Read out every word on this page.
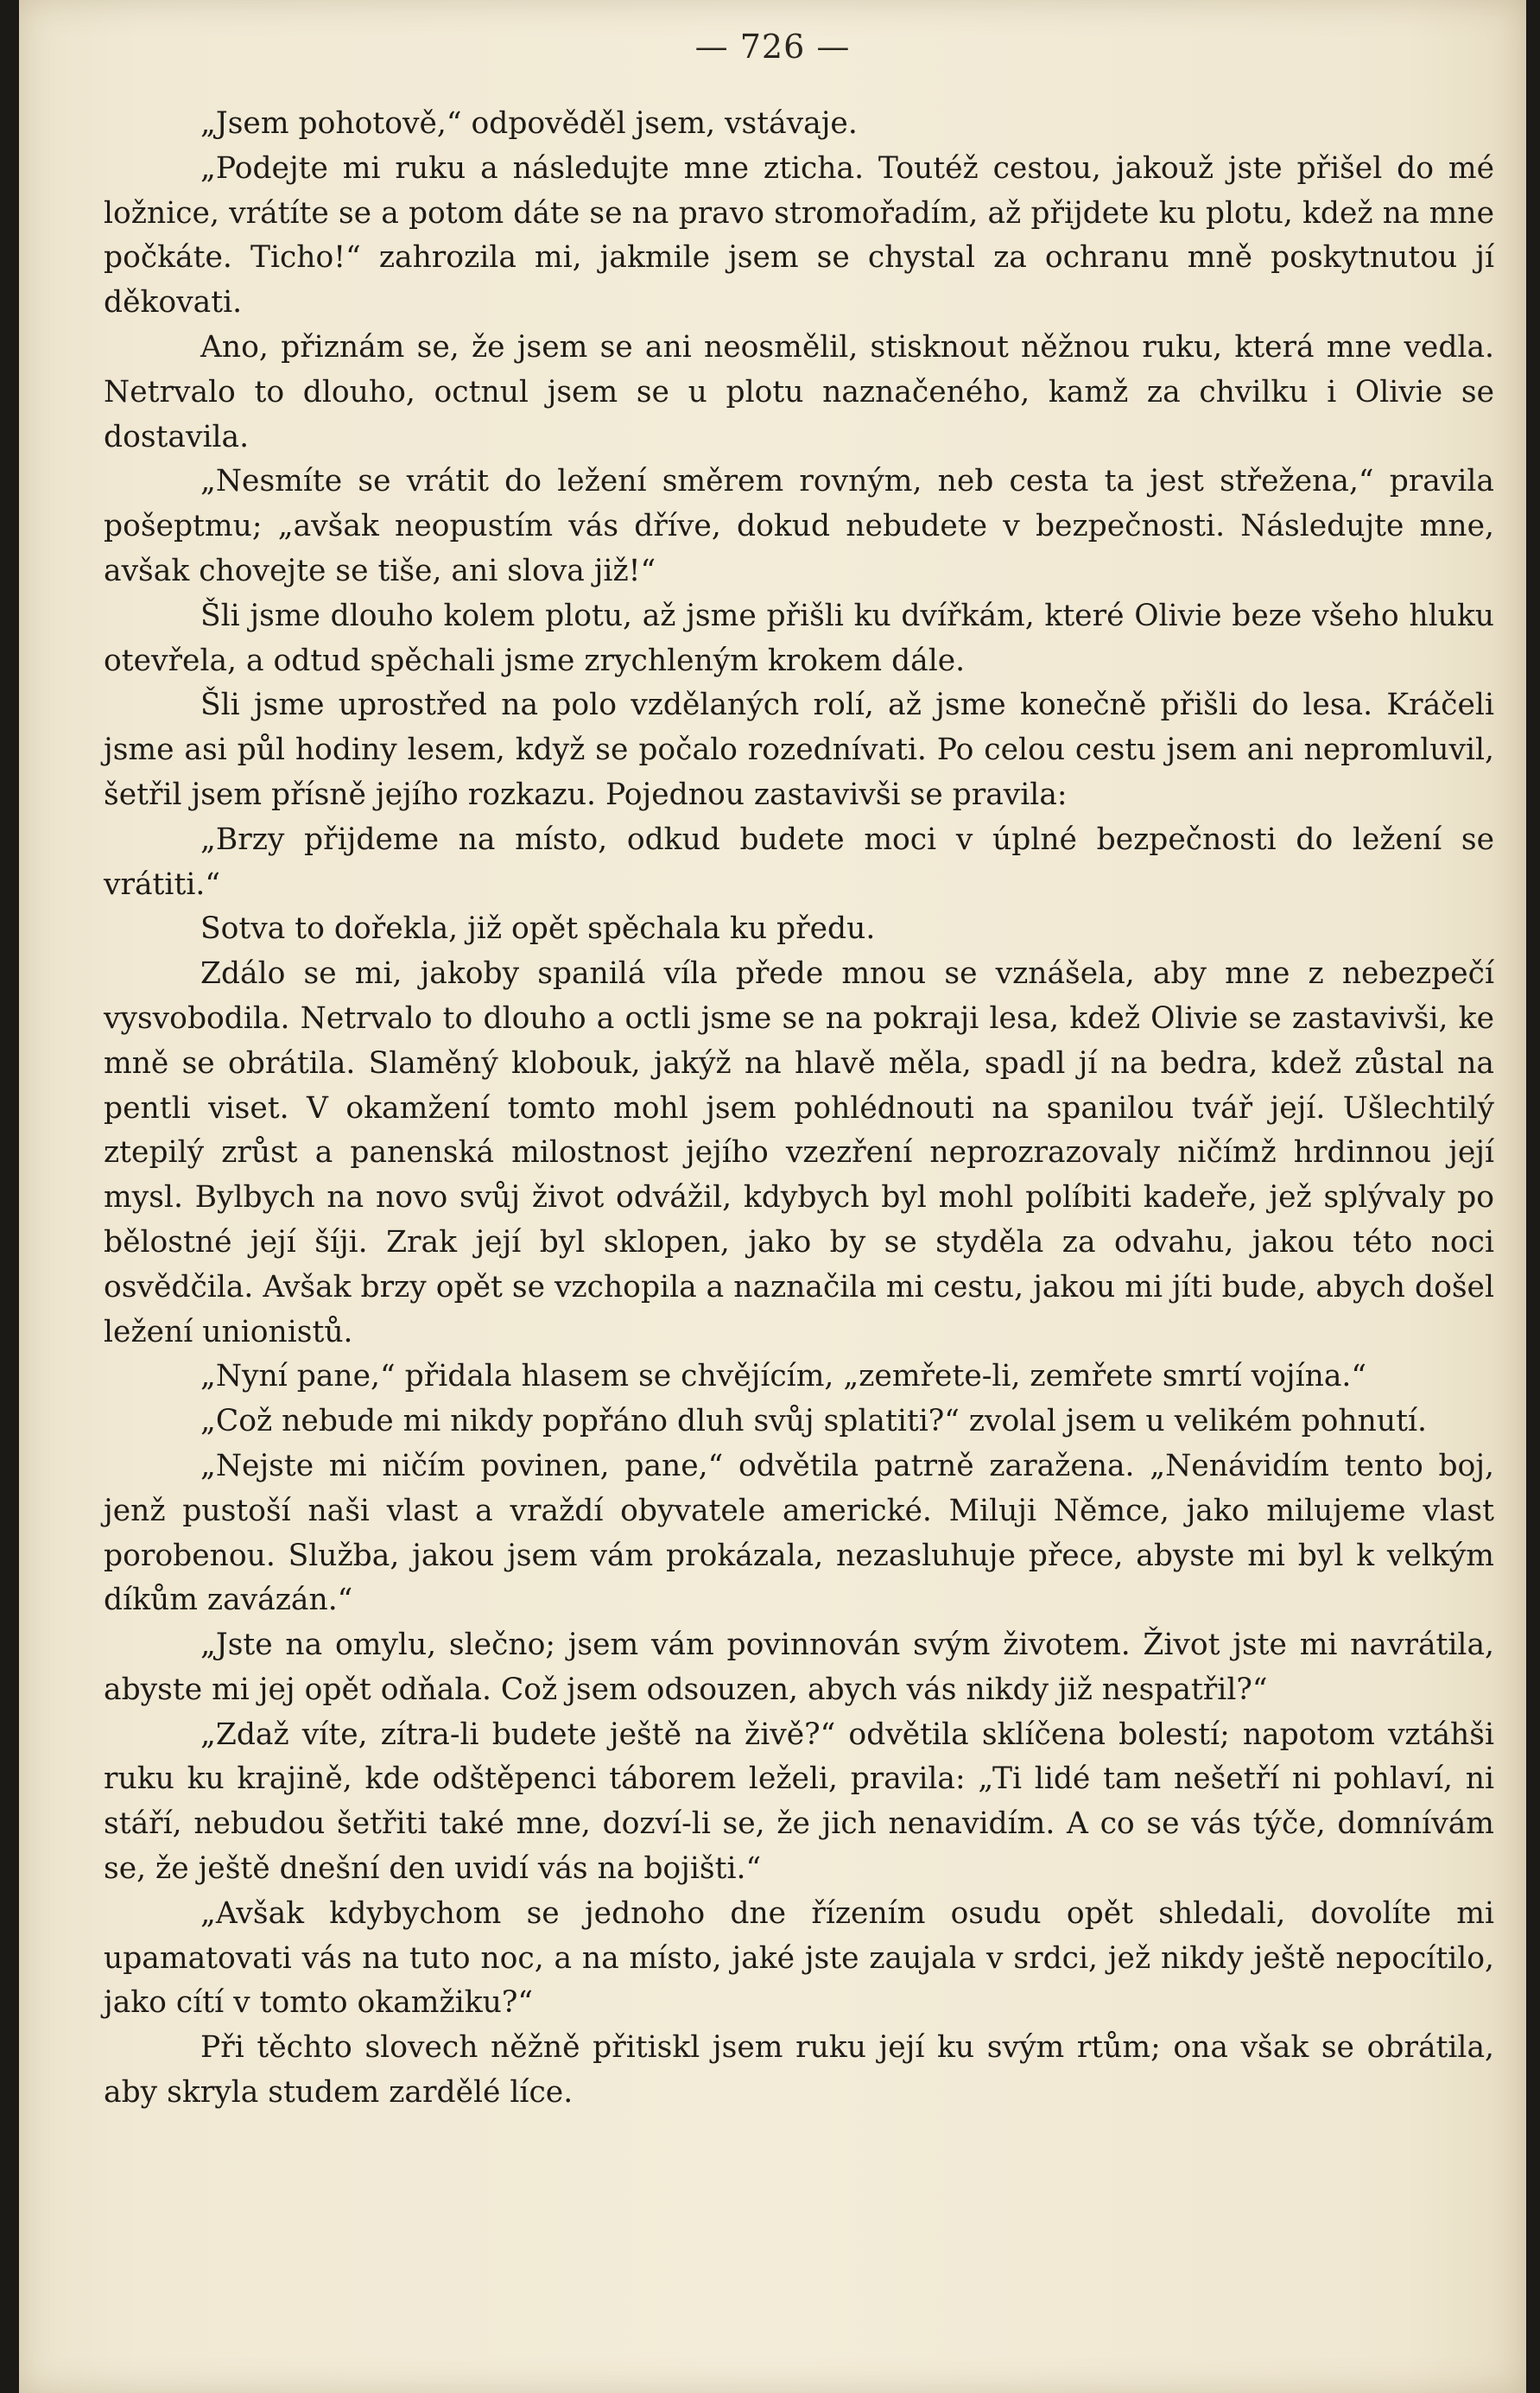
— 726 —

„Jsem pohotově,“ odpověděl jsem, vstávaje.

„Podejte mi ruku a následujte mne zticha. Toutéž cestou, jakouž jste přišel do mé ložnice, vrátíte se a potom dáte se na pravo stromořadím, až přijdete ku plotu, kdež na mne počkáte. Ticho!“ zahrozila mi, jakmile jsem se chystal za ochranu mně poskytnutou jí děkovati.

Ano, přiznám se, že jsem se ani neosmělil, stisknout něžnou ruku, která mne vedla. Netrvalo to dlouho, octnul jsem se u plotu naznačeného, kamž za chvilku i Olivie se dostavila.

„Nesmíte se vrátit do ležení směrem rovným, neb cesta ta jest střežena,“ pravila pošeptmu; „avšak neopustím vás dříve, dokud nebudete v bezpečnosti. Následujte mne, avšak chovejte se tiše, ani slova již!“

Šli jsme dlouho kolem plotu, až jsme přišli ku dvířkám, které Olivie beze všeho hluku otevřela, a odtud spěchali jsme zrychleným krokem dále.

Šli jsme uprostřed na polo vzdělaných rolí, až jsme konečně přišli do lesa. Kráčeli jsme asi půl hodiny lesem, když se počalo rozednívati. Po celou cestu jsem ani nepromluvil, šetřil jsem přísně jejího rozkazu. Pojednou zastavivši se pravila:

„Brzy přijdeme na místo, odkud budete moci v úplné bezpečnosti do ležení se vrátiti.“

Sotva to dořekla, již opět spěchala ku předu.

Zdálo se mi, jakoby spanilá víla přede mnou se vznášela, aby mne z nebezpečí vysvobodila. Netrvalo to dlouho a octli jsme se na pokraji lesa, kdež Olivie se zastavivši, ke mně se obrátila. Slaměný klobouk, jakýž na hlavě měla, spadl jí na bedra, kdež zůstal na pentli viset. V okamžení tomto mohl jsem pohlédnouti na spanilou tvář její. Ušlechtilý ztepilý zrůst a panenská milostnost jejího vzezření neprozrazovaly ničímž hrdinnou její mysl. Bylbych na novo svůj život odvážil, kdybych byl mohl políbiti kadeře, jež splývaly po bělostné její šíji. Zrak její byl sklopen, jako by se styděla za odvahu, jakou této noci osvědčila. Avšak brzy opět se vzchopila a naznačila mi cestu, jakou mi jíti bude, abych došel ležení unionistů.

„Nyní pane,“ přidala hlasem se chvějícím, „zemřete-li, zemřete smrtí vojína.“

„Což nebude mi nikdy popřáno dluh svůj splatiti?“ zvolal jsem u velikém pohnutí.

„Nejste mi ničím povinen, pane,“ odvětila patrně zaražena. „Nenávidím tento boj, jenž pustoší naši vlast a vraždí obyvatele americké. Miluji Němce, jako milujeme vlast porobenou. Služba, jakou jsem vám prokázala, nezasluhuje přece, abyste mi byl k velkým díkům zavázán.“

„Jste na omylu, slečno; jsem vám povinnován svým životem. Život jste mi navrátila, abyste mi jej opět odňala. Což jsem odsouzen, abych vás nikdy již nespatřil?“

„Zdaž víte, zítra-li budete ještě na živě?“ odvětila sklíčena bolestí; napotom vztáhši ruku ku krajině, kde odštěpenci táborem leželi, pravila: „Ti lidé tam nešetří ni pohlaví, ni stáří, nebudou šetřiti také mne, dozví-li se, že jich nenavidím. A co se vás týče, domnívám se, že ještě dnešní den uvidí vás na bojišti.“

„Avšak kdybychom se jednoho dne řízením osudu opět shledali, dovolíte mi upamatovati vás na tuto noc, a na místo, jaké jste zaujala v srdci, jež nikdy ještě nepocítilo, jako cítí v tomto okamžiku?“

Při těchto slovech něžně přitiskl jsem ruku její ku svým rtům; ona však se obrátila, aby skryla studem zardělé líce.
